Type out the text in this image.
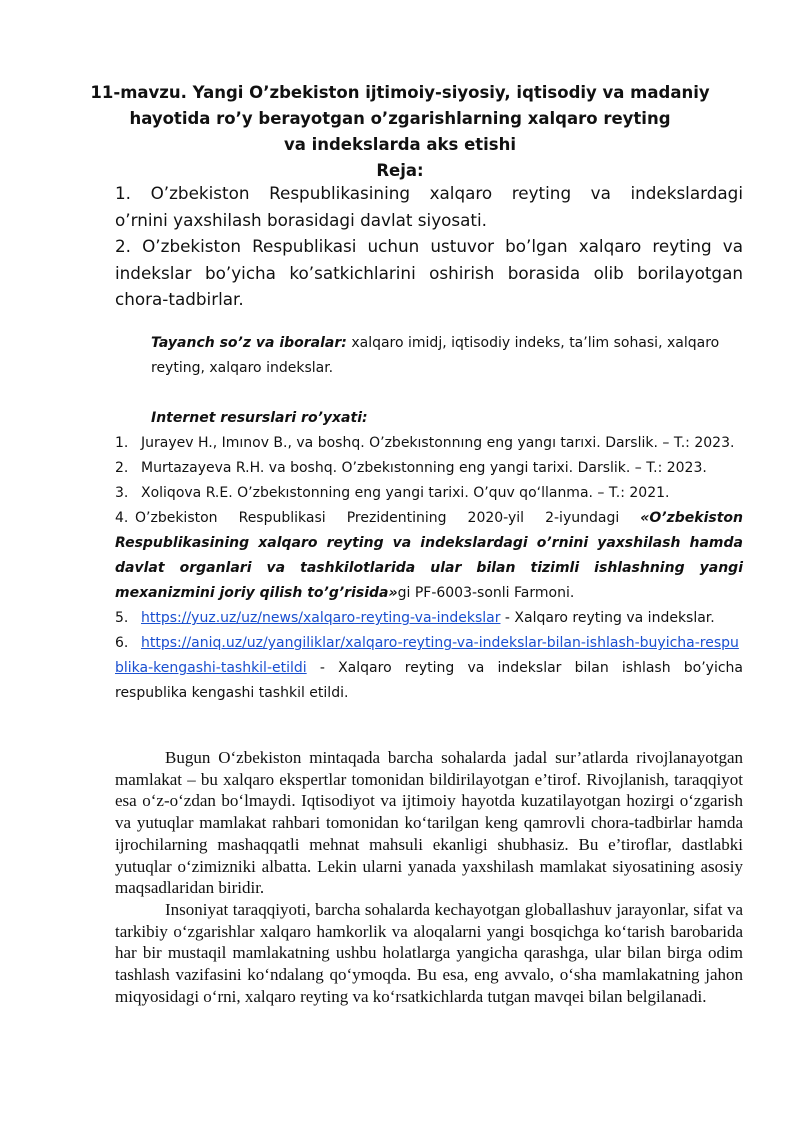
11-mavzu. Yangi O’zbekiston ijtimoiy-siyosiy, iqtisodiy va madaniy
hayotida ro’y berayotgan o’zgarishlarning xalqaro reyting
va indekslarda aks etishi
Reja:

1. O’zbekiston Respublikasining xalqaro reyting va indekslardagi

o’rnini yaxshilash borasidagi davlat siyosati.

2. O’zbekiston Respublikasi uchun ustuvor bo’lgan xalqaro reyting va indekslar bo’yicha ko’satkichlarini oshirish borasida olib borilayotgan chora-tadbirlar.

Tayanch so’z va iboralar: xalqaro imidj, iqtisodiy indeks, ta’lim sohasi, xalqaro reyting, xalqaro indekslar.

Internet resurslari ro’yxati:

1. Jurayev H., Imınov B., va boshq. O’zbekıstonnıng eng yangı tarıxi. Darslik. – T.: 2023.

2. Murtazayeva R.H. va boshq. O’zbekıstonning eng yangi tarixi. Darslik. – T.: 2023.

3. Xoliqova R.E. O’zbekıstonning eng yangi tarixi. O’quv qo‘llanma. – T.: 2021.

4. O’zbekiston Respublikasi Prezidentining 2020-yil 2-iyundagi «O’zbekiston Respublikasining xalqaro reyting va indekslardagi o’rnini yaxshilash hamda davlat organlari va tashkilotlarida ular bilan tizimli ishlashning yangi mexanizmini joriy qilish to’g’risida»gi PF-6003-sonli Farmoni.

5. https://yuz.uz/uz/news/xalqaro-reyting-va-indekslar - Xalqaro reyting va indekslar.

6. https://aniq.uz/uz/yangiliklar/xalqaro-reyting-va-indekslar-bilan-ishlash-buyicha-respublika-kengashi-tashkil-etildi - Xalqaro reyting va indekslar bilan ishlash bo’yicha respublika kengashi tashkil etildi.

Bugun O‘zbekiston mintaqada barcha sohalarda jadal sur’atlarda rivojlanayotgan mamlakat – bu xalqaro ekspertlar tomonidan bildirilayotgan e’tirof. Rivojlanish, taraqqiyot esa o‘z-o‘zdan bo‘lmaydi. Iqtisodiyot va ijtimoiy hayotda kuzatilayotgan hozirgi o‘zgarish va yutuqlar mamlakat rahbari tomonidan ko‘tarilgan keng qamrovli chora-tadbirlar hamda ijrochilarning mashaqqatli mehnat mahsuli ekanligi shubhasiz. Bu e’tiroflar, dastlabki yutuqlar o‘zimizniki albatta. Lekin ularni yanada yaxshilash mamlakat siyosatining asosiy maqsadlaridan biridir.

Insoniyat taraqqiyoti, barcha sohalarda kechayotgan globallashuv jarayonlar, sifat va tarkibiy o‘zgarishlar xalqaro hamkorlik va aloqalarni yangi bosqichga ko‘tarish barobarida har bir mustaqil mamlakatning ushbu holatlarga yangicha qarashga, ular bilan birga odim tashlash vazifasini ko‘ndalang qo‘ymoqda. Bu esa, eng avvalo, o‘sha mamlakatning jahon miqyosidagi o‘rni, xalqaro reyting va ko‘rsatkichlarda tutgan mavqei bilan belgilanadi.
